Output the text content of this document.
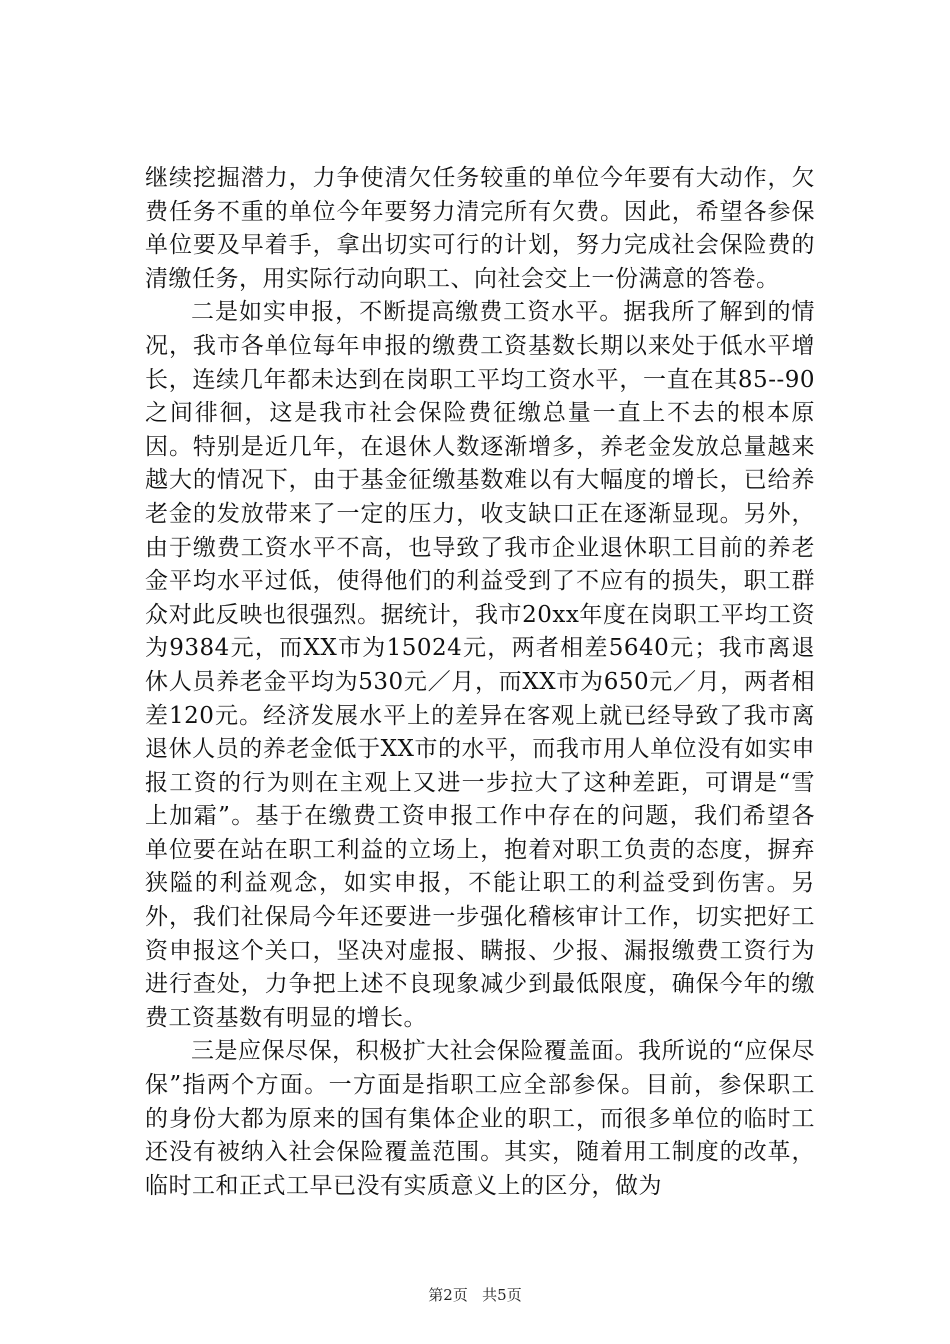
继续挖掘潜力，力争使清欠任务较重的单位今年要有大动作，欠费任务不重的单位今年要努力清完所有欠费。因此，希望各参保单位要及早着手，拿出切实可行的计划，努力完成社会保险费的清缴任务，用实际行动向职工、向社会交上一份满意的答卷。

二是如实申报，不断提高缴费工资水平。据我所了解到的情况，我市各单位每年申报的缴费工资基数长期以来处于低水平增长，连续几年都未达到在岗职工平均工资水平，一直在其85--90之间徘徊，这是我市社会保险费征缴总量一直上不去的根本原因。特别是近几年，在退休人数逐渐增多，养老金发放总量越来越大的情况下，由于基金征缴基数难以有大幅度的增长，已给养老金的发放带来了一定的压力，收支缺口正在逐渐显现。另外，由于缴费工资水平不高，也导致了我市企业退休职工目前的养老金平均水平过低，使得他们的利益受到了不应有的损失，职工群众对此反映也很强烈。据统计，我市20xx年度在岗职工平均工资为9384元，而XX市为15024元，两者相差5640元；我市离退休人员养老金平均为530元／月，而XX市为650元／月，两者相差120元。经济发展水平上的差异在客观上就已经导致了我市离退休人员的养老金低于XX市的水平，而我市用人单位没有如实申报工资的行为则在主观上又进一步拉大了这种差距，可谓是“雪上加霜”。基于在缴费工资申报工作中存在的问题，我们希望各单位要在站在职工利益的立场上，抱着对职工负责的态度，摒弃狭隘的利益观念，如实申报，不能让职工的利益受到伤害。另外，我们社保局今年还要进一步强化稽核审计工作，切实把好工资申报这个关口，坚决对虚报、瞒报、少报、漏报缴费工资行为进行查处，力争把上述不良现象减少到最低限度，确保今年的缴费工资基数有明显的增长。

三是应保尽保，积极扩大社会保险覆盖面。我所说的“应保尽保”指两个方面。一方面是指职工应全部参保。目前，参保职工的身份大都为原来的国有集体企业的职工，而很多单位的临时工还没有被纳入社会保险覆盖范围。其实，随着用工制度的改革，临时工和正式工早已没有实质意义上的区分，做为

第2页 共5页
